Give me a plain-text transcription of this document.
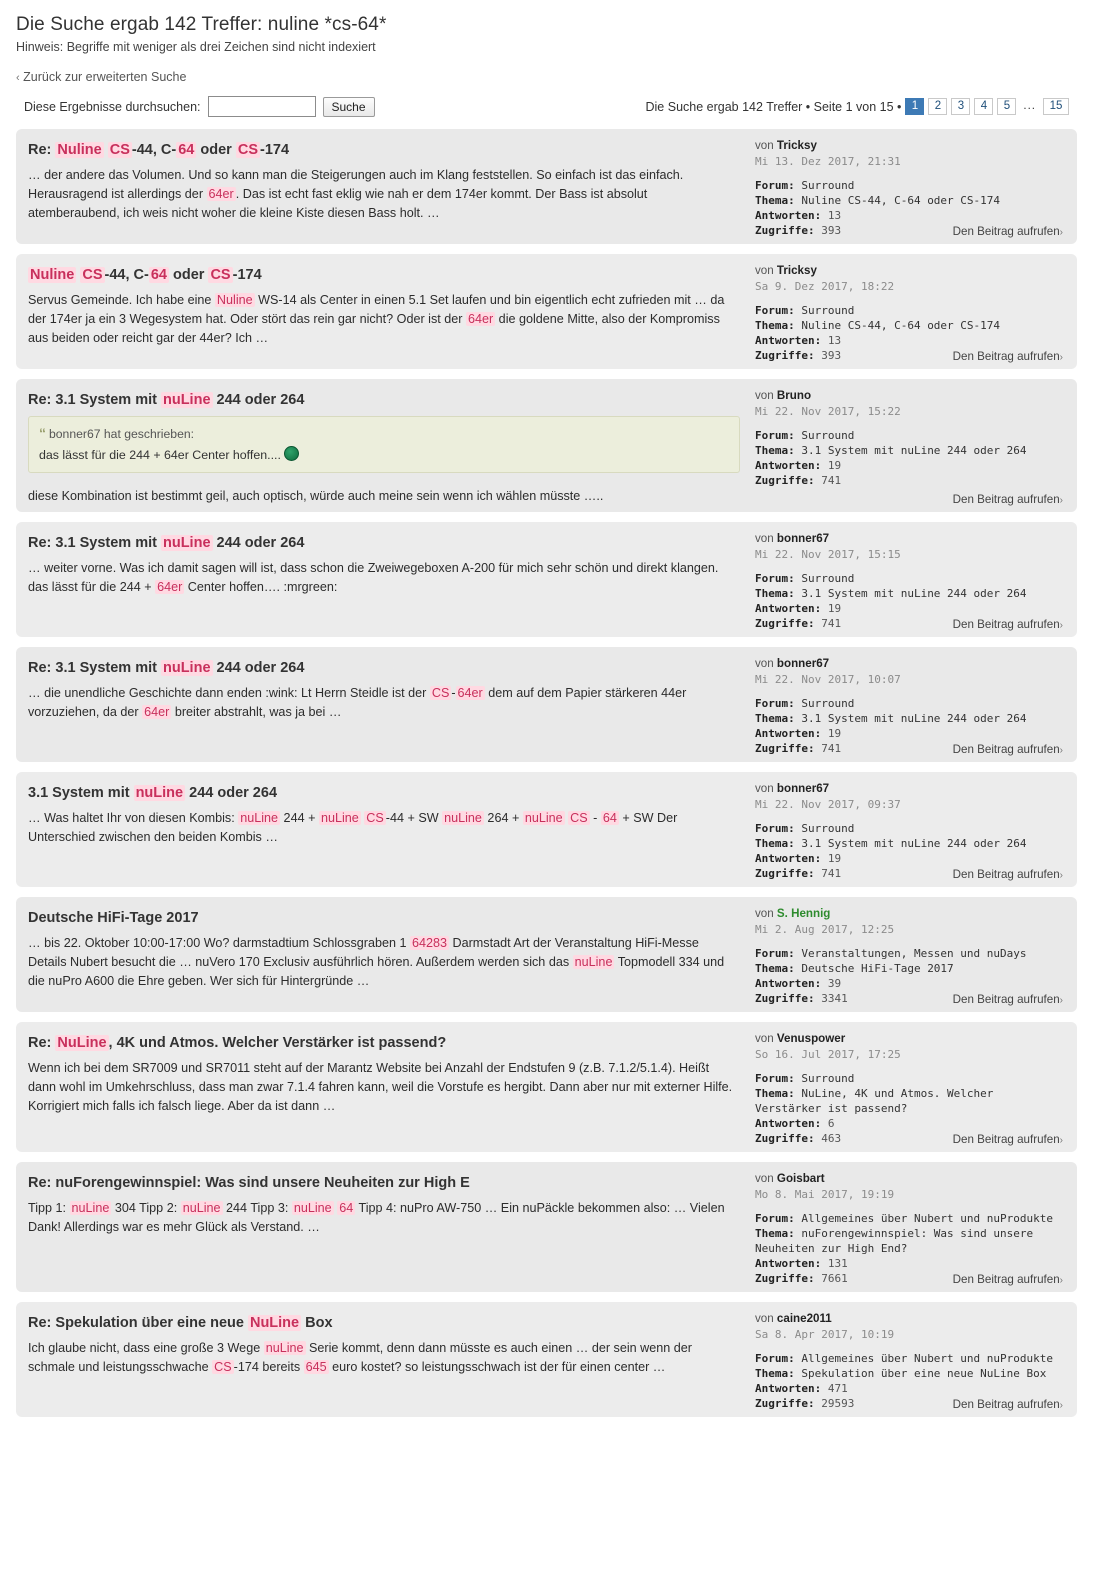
Die Suche ergab 142 Treffer: nuline *cs-64*
Hinweis: Begriffe mit weniger als drei Zeichen sind nicht indexiert
‹ Zurück zur erweiterten Suche
Diese Ergebnisse durchsuchen:	Suche	Die Suche ergab 142 Treffer • Seite 1 von 15 • 1	2	3	4	5	...	15
Re: Nuline CS -44, C- 64 oder CS -174
… der andere das Volumen. Und so kann man die Steigerungen auch im Klang feststellen. So einfach ist das einfach. Herausragend ist allerdings der 64er . Das ist echt fast eklig wie nah er dem 174er kommt. Der Bass ist absolut atemberaubend, ich weis nicht woher die kleine Kiste diesen Bass holt. …
von Tricksy
Mi 13. Dez 2017, 21:31
Forum: Surround
Thema: Nuline CS-44, C-64 oder CS-174
Antworten: 13
Zugriffe: 393	Den Beitrag aufrufen›
Nuline CS -44, C- 64 oder CS -174
Servus Gemeinde. Ich habe eine Nuline WS-14 als Center in einen 5.1 Set laufen und bin eigentlich echt zufrieden mit … da der 174er ja ein 3 Wegesystem hat. Oder stört das rein gar nicht? Oder ist der 64er die goldene Mitte, also der Kompromiss aus beiden oder reicht gar der 44er? Ich …
von Tricksy
Sa 9. Dez 2017, 18:22
Forum: Surround
Thema: Nuline CS-44, C-64 oder CS-174
Antworten: 13
Zugriffe: 393	Den Beitrag aufrufen›
Re: 3.1 System mit nuLine 244 oder 264
“ bonner67 hat geschrieben:
das lässt für die 244 + 64er Center hoffen....
diese Kombination ist bestimmt geil, auch optisch, würde auch meine sein wenn ich wählen müsste …..
von Bruno
Mi 22. Nov 2017, 15:22
Forum: Surround
Thema: 3.1 System mit nuLine 244 oder 264
Antworten: 19
Zugriffe: 741
Den Beitrag aufrufen›
Re: 3.1 System mit nuLine 244 oder 264
… weiter vorne. Was ich damit sagen will ist, dass schon die Zweiwegeboxen A-200 für mich sehr schön und direkt klangen. das lässt für die 244 + 64er Center hoffen…. :mrgreen:
von bonner67
Mi 22. Nov 2017, 15:15
Forum: Surround
Thema: 3.1 System mit nuLine 244 oder 264
Antworten: 19
Zugriffe: 741	Den Beitrag aufrufen›
Re: 3.1 System mit nuLine 244 oder 264
… die unendliche Geschichte dann enden :wink: Lt Herrn Steidle ist der CS - 64er dem auf dem Papier stärkeren 44er vorzuziehen, da der 64er breiter abstrahlt, was ja bei …
von bonner67
Mi 22. Nov 2017, 10:07
Forum: Surround
Thema: 3.1 System mit nuLine 244 oder 264
Antworten: 19
Zugriffe: 741	Den Beitrag aufrufen›
3.1 System mit nuLine 244 oder 264
… Was haltet Ihr von diesen Kombis: nuLine 244 + nuLine CS -44 + SW nuLine 264 + nuLine CS - 64 + SW Der Unterschied zwischen den beiden Kombis …
von bonner67
Mi 22. Nov 2017, 09:37
Forum: Surround
Thema: 3.1 System mit nuLine 244 oder 264
Antworten: 19
Zugriffe: 741	Den Beitrag aufrufen›
Deutsche HiFi-Tage 2017
… bis 22. Oktober 10:00-17:00 Wo? darmstadtium Schlossgraben 1 64283 Darmstadt Art der Veranstaltung HiFi-Messe Details Nubert besucht die … nuVero 170 Exclusiv ausführlich hören. Außerdem werden sich das nuLine Topmodell 334 und die nuPro A600 die Ehre geben. Wer sich für Hintergründe …
von S. Hennig
Mi 2. Aug 2017, 12:25
Forum: Veranstaltungen, Messen und nuDays
Thema: Deutsche HiFi-Tage 2017
Antworten: 39
Zugriffe: 3341	Den Beitrag aufrufen›
Re: NuLine , 4K und Atmos. Welcher Verstärker ist passend?
Wenn ich bei dem SR7009 und SR7011 steht auf der Marantz Website bei Anzahl der Endstufen 9 (z.B. 7.1.2/5.1.4). Heißt dann wohl im Umkehrschluss, dass man zwar 7.1.4 fahren kann, weil die Vorstufe es hergibt. Dann aber nur mit externer Hilfe. Korrigiert mich falls ich falsch liege. Aber da ist dann …
von Venuspower
So 16. Jul 2017, 17:25
Forum: Surround
Thema: NuLine, 4K und Atmos. Welcher Verstärker ist passend?
Antworten: 6
Zugriffe: 463	Den Beitrag aufrufen›
Re: nuForengewinnspiel: Was sind unsere Neuheiten zur High E
Tipp 1: nuLine 304 Tipp 2: nuLine 244 Tipp 3: nuLine 64 Tipp 4: nuPro AW-750 … Ein nuPäckle bekommen also: … Vielen Dank! Allerdings war es mehr Glück als Verstand. …
von Goisbart
Mo 8. Mai 2017, 19:19
Forum: Allgemeines über Nubert und nuProdukte
Thema: nuForengewinnspiel: Was sind unsere Neuheiten zur High End?
Antworten: 131
Zugriffe: 7661	Den Beitrag aufrufen›
Re: Spekulation über eine neue NuLine Box
Ich glaube nicht, dass eine große 3 Wege nuLine Serie kommt, denn dann müsste es auch einen … der sein wenn der schmale und leistungsschwache CS -174 bereits 645 euro kostet? so leistungsschwach ist der für einen center …
von caine2011
Sa 8. Apr 2017, 10:19
Forum: Allgemeines über Nubert und nuProdukte
Thema: Spekulation über eine neue NuLine Box
Antworten: 471
Zugriffe: 29593	Den Beitrag aufrufen›
